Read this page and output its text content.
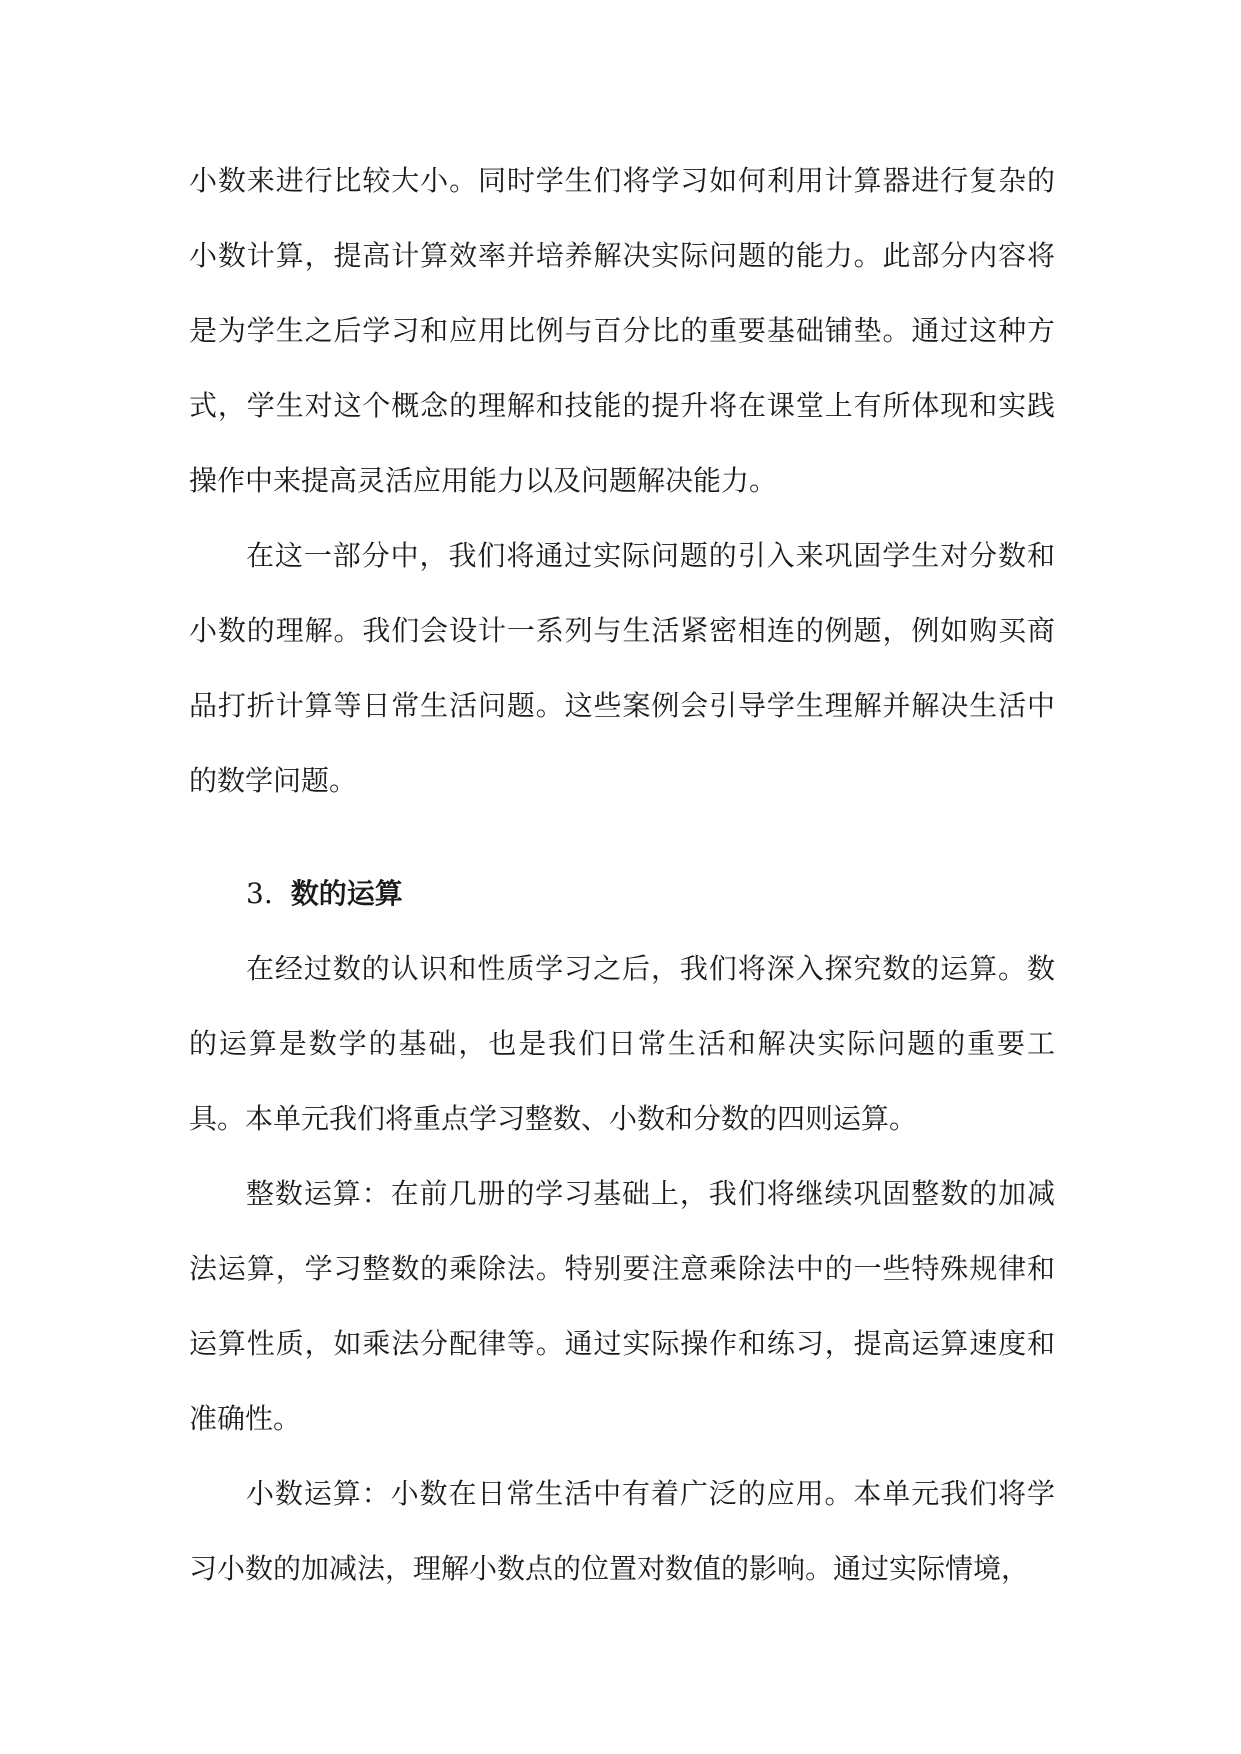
小数来进行比较大小。同时学生们将学习如何利用计算器进行复杂的小数计算，提高计算效率并培养解决实际问题的能力。此部分内容将是为学生之后学习和应用比例与百分比的重要基础铺垫。通过这种方式，学生对这个概念的理解和技能的提升将在课堂上有所体现和实践操作中来提高灵活应用能力以及问题解决能力。

在这一部分中，我们将通过实际问题的引入来巩固学生对分数和小数的理解。我们会设计一系列与生活紧密相连的例题，例如购买商品打折计算等日常生活问题。这些案例会引导学生理解并解决生活中的数学问题。

3. 数的运算

在经过数的认识和性质学习之后，我们将深入探究数的运算。数的运算是数学的基础，也是我们日常生活和解决实际问题的重要工具。本单元我们将重点学习整数、小数和分数的四则运算。

整数运算：在前几册的学习基础上，我们将继续巩固整数的加减法运算，学习整数的乘除法。特别要注意乘除法中的一些特殊规律和运算性质，如乘法分配律等。通过实际操作和练习，提高运算速度和准确性。

小数运算：小数在日常生活中有着广泛的应用。本单元我们将学习小数的加减法，理解小数点的位置对数值的影响。通过实际情境，
